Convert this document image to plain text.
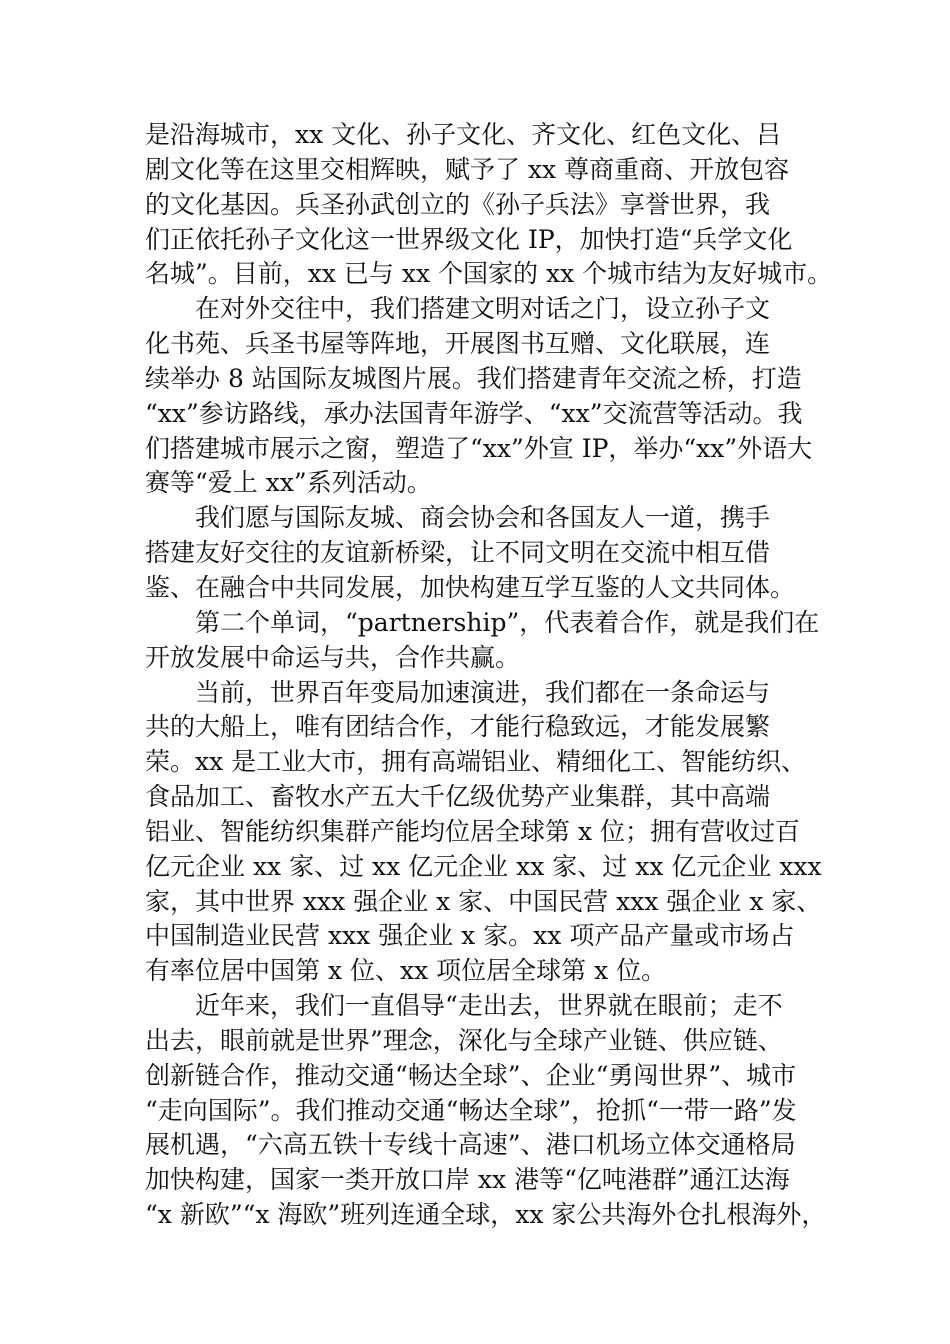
是沿海城市，xx 文化、孙子文化、齐文化、红色文化、吕
剧文化等在这里交相辉映，赋予了 xx 尊商重商、开放包容
的文化基因。兵圣孙武创立的《孙子兵法》享誉世界，我
们正依托孙子文化这一世界级文化 IP，加快打造“兵学文化
名城”。目前，xx 已与 xx 个国家的 xx 个城市结为友好城市。
在对外交往中，我们搭建文明对话之门，设立孙子文
化书苑、兵圣书屋等阵地，开展图书互赠、文化联展，连
续举办 8 站国际友城图片展。我们搭建青年交流之桥，打造
“xx”参访路线，承办法国青年游学、“xx”交流营等活动。我
们搭建城市展示之窗，塑造了“xx”外宣 IP，举办“xx”外语大
赛等“爱上 xx”系列活动。
我们愿与国际友城、商会协会和各国友人一道，携手
搭建友好交往的友谊新桥梁，让不同文明在交流中相互借
鉴、在融合中共同发展，加快构建互学互鉴的人文共同体。
第二个单词，“partnership”，代表着合作，就是我们在
开放发展中命运与共，合作共赢。
当前，世界百年变局加速演进，我们都在一条命运与
共的大船上，唯有团结合作，才能行稳致远，才能发展繁
荣。xx 是工业大市，拥有高端铝业、精细化工、智能纺织、
食品加工、畜牧水产五大千亿级优势产业集群，其中高端
铝业、智能纺织集群产能均位居全球第 x 位；拥有营收过百
亿元企业 xx 家、过 xx 亿元企业 xx 家、过 xx 亿元企业 xxx
家，其中世界 xxx 强企业 x 家、中国民营 xxx 强企业 x 家、
中国制造业民营 xxx 强企业 x 家。xx 项产品产量或市场占
有率位居中国第 x 位、xx 项位居全球第 x 位。
近年来，我们一直倡导“走出去，世界就在眼前；走不
出去，眼前就是世界”理念，深化与全球产业链、供应链、
创新链合作，推动交通“畅达全球”、企业“勇闯世界”、城市
“走向国际”。我们推动交通“畅达全球”，抢抓“一带一路”发
展机遇，“六高五铁十专线十高速”、港口机场立体交通格局
加快构建，国家一类开放口岸 xx 港等“亿吨港群”通江达海
“x 新欧”“x 海欧”班列连通全球，xx 家公共海外仓扎根海外，
